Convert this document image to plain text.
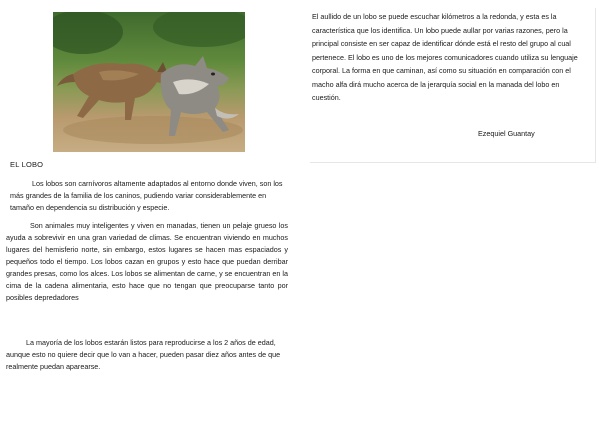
EL LOBO

Los lobos son carnívoros altamente adaptados al entorno donde viven, son los más grandes de la familia de los caninos, pudiendo variar considerablemente en tamaño en dependencia su distribución y especie.

Son animales muy inteligentes y viven en manadas, tienen un pelaje grueso los ayuda a sobrevivir en una gran variedad de climas. Se encuentran viviendo en muchos lugares del hemisferio norte, sin embargo, estos lugares se hacen mas espaciados y pequeños todo el tiempo. Los lobos cazan en grupos y esto hace que puedan derribar grandes presas, como los alces. Los lobos se alimentan de carne, y se encuentran en la cima de la cadena alimentaria, esto hace que no tengan que preocuparse tanto por posibles depredadores

La mayoría de los lobos estarán listos para reproducirse a los 2 años de edad, aunque esto no quiere decir que lo van a hacer, pueden pasar diez años antes de que realmente puedan aparearse.

El aullido de un lobo se puede escuchar kilómetros a la redonda, y esta es la característica que los identifica. Un lobo puede aullar por varias razones, pero la principal consiste en ser capaz de identificar dónde está el resto del grupo al cual pertenece. El lobo es uno de los mejores comunicadores cuando utiliza su lenguaje corporal. La forma en que caminan, así como su situación en comparación con el macho alfa dirá mucho acerca de la jerarquía social en la manada del lobo en cuestión.

Ezequiel Guantay
